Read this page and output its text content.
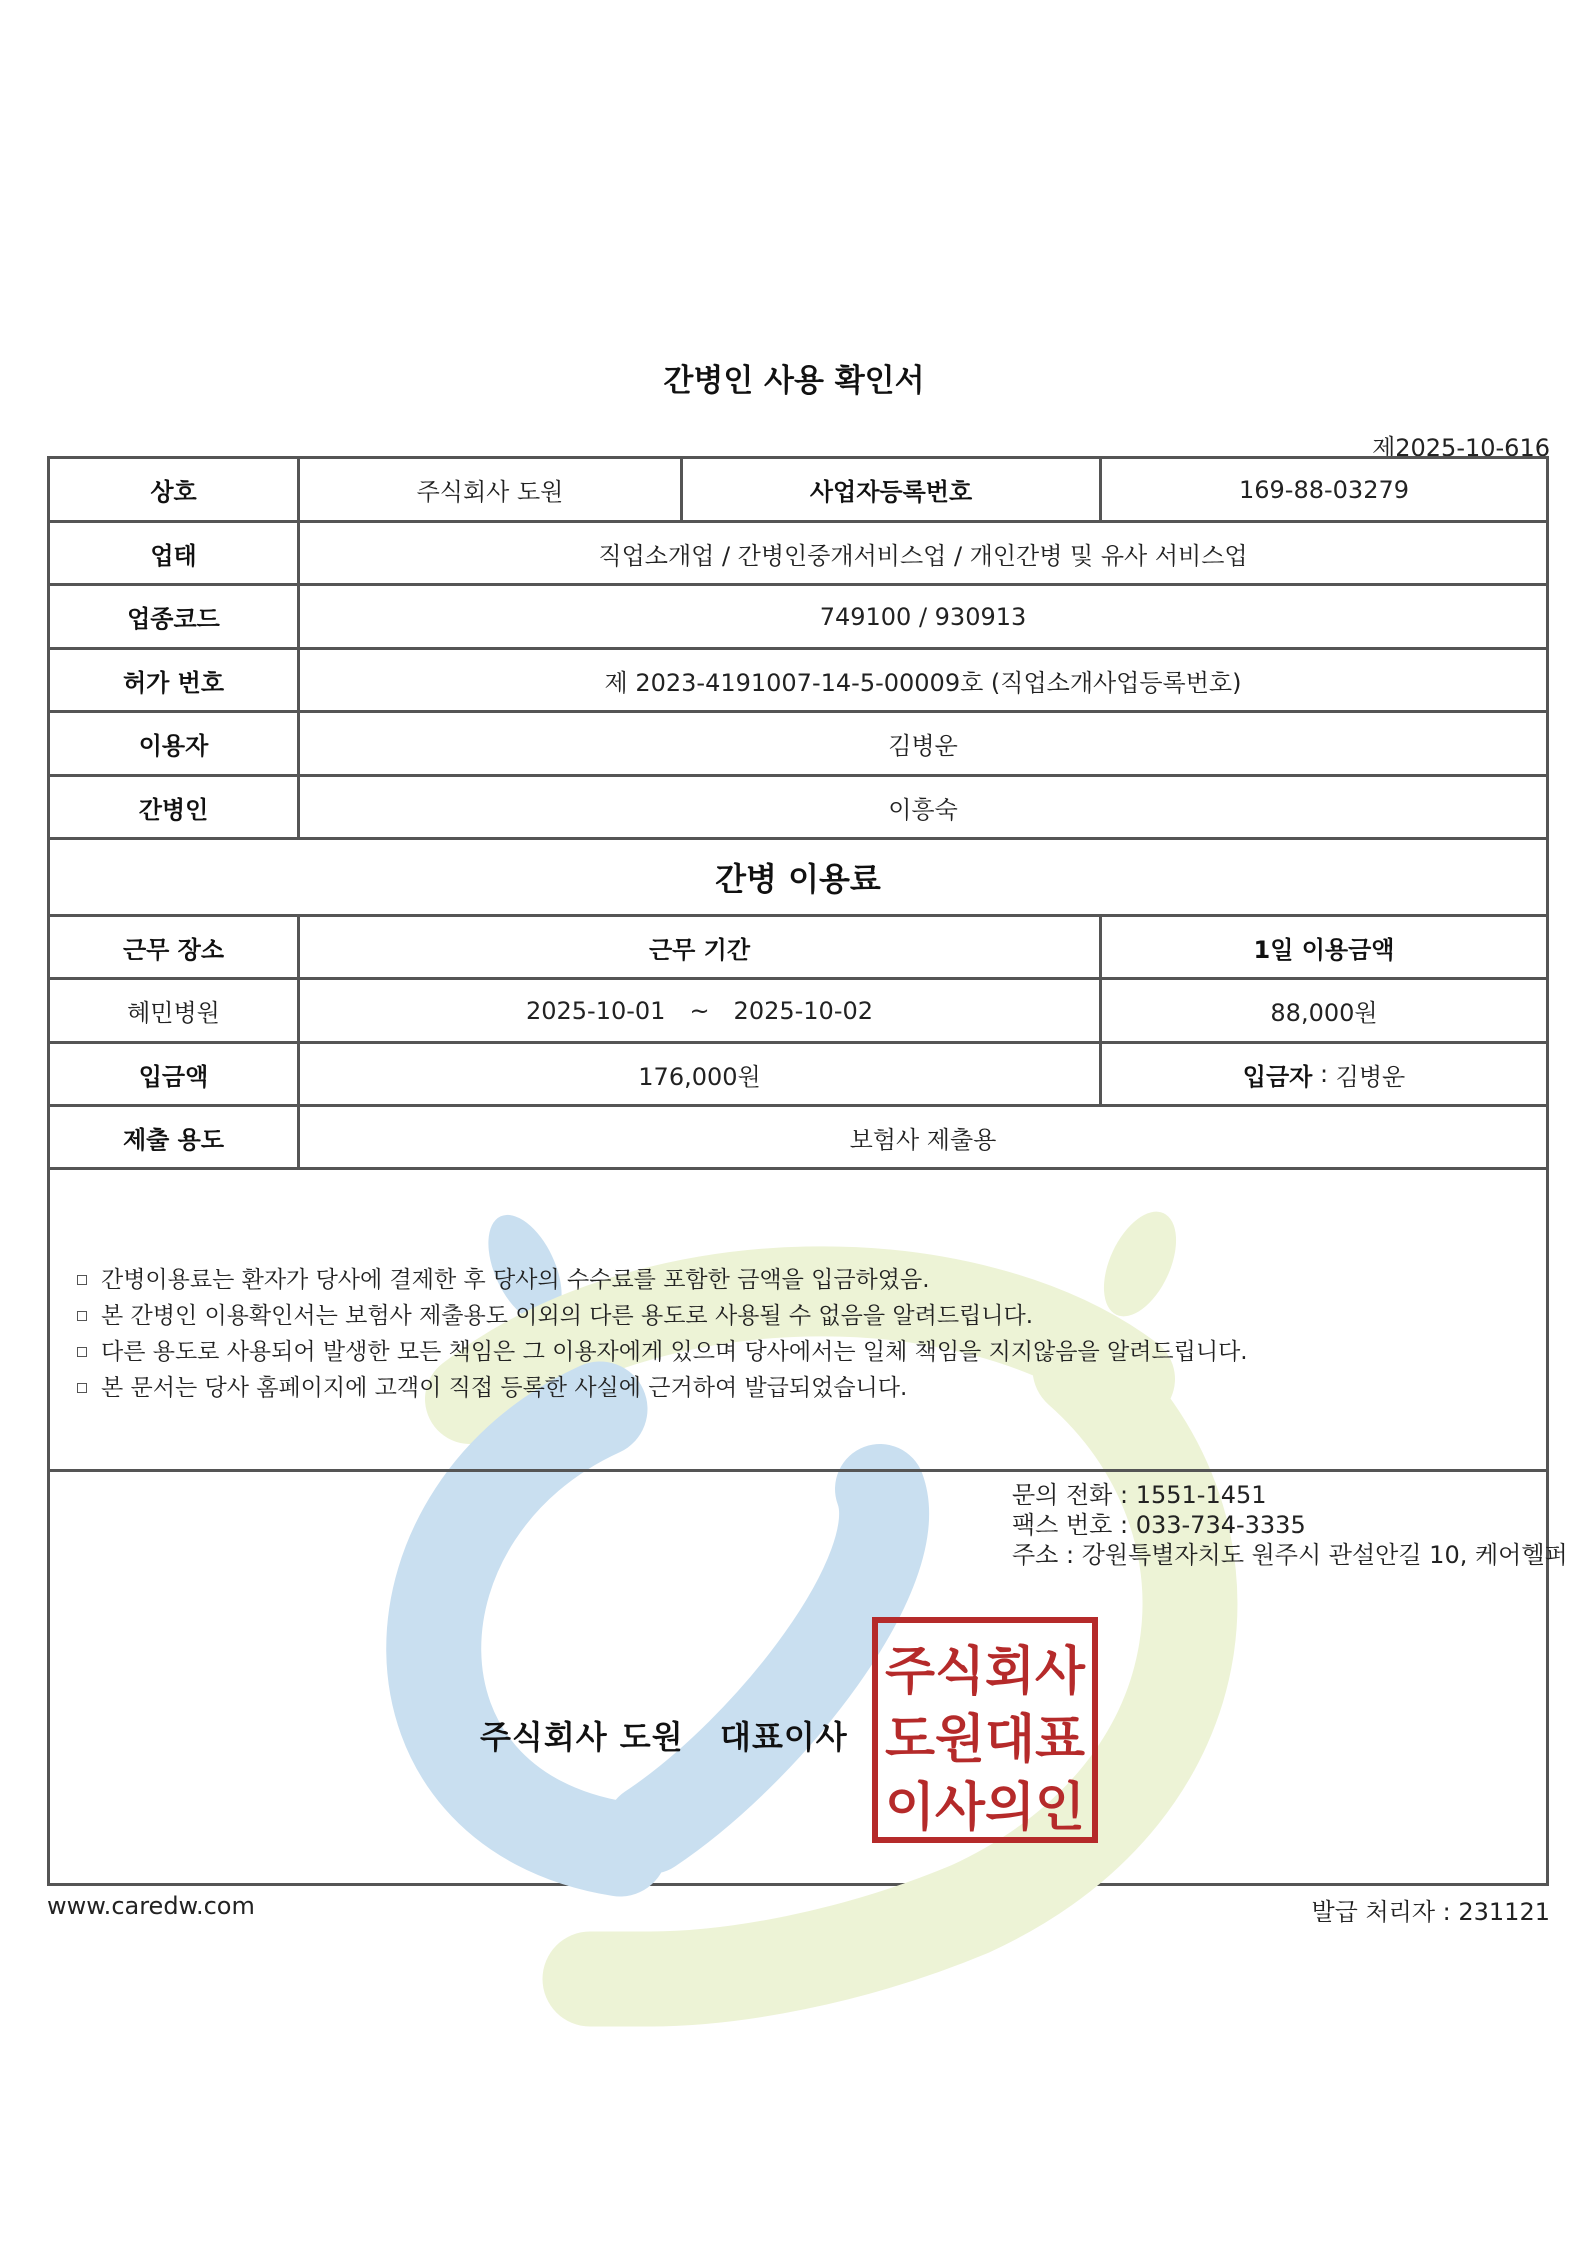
간병인 사용 확인서
제2025-10-616
상호	주식회사 도원	사업자등록번호	169-88-03279
업태	직업소개업 / 간병인중개서비스업 / 개인간병 및 유사 서비스업
업종코드	749100 / 930913
허가 번호	제 2023-4191007-14-5-00009호 (직업소개사업등록번호)
이용자	김병운
간병인	이흥숙
간병 이용료
근무 장소	근무 기간	1일 이용금액
혜민병원	2025-10-01 ~ 2025-10-02	88,000원
입금액	176,000원	입금자 : 김병운
제출 용도	보험사 제출용
간병이용료는 환자가 당사에 결제한 후 당사의 수수료를 포함한 금액을 입금하였음.
본 간병인 이용확인서는 보험사 제출용도 이외의 다른 용도로 사용될 수 없음을 알려드립니다.
다른 용도로 사용되어 발생한 모든 책임은 그 이용자에게 있으며 당사에서는 일체 책임을 지지않음을 알려드립니다.
본 문서는 당사 홈페이지에 고객이 직접 등록한 사실에 근거하여 발급되었습니다.
문의 전화 : 1551-1451
팩스 번호 : 033-734-3335
주소 : 강원특별자치도 원주시 관설안길 10, 케어헬퍼
주식회사 도원   대표이사
주식회사
도원대표
이사의인
www.caredw.com	발급 처리자 : 231121
